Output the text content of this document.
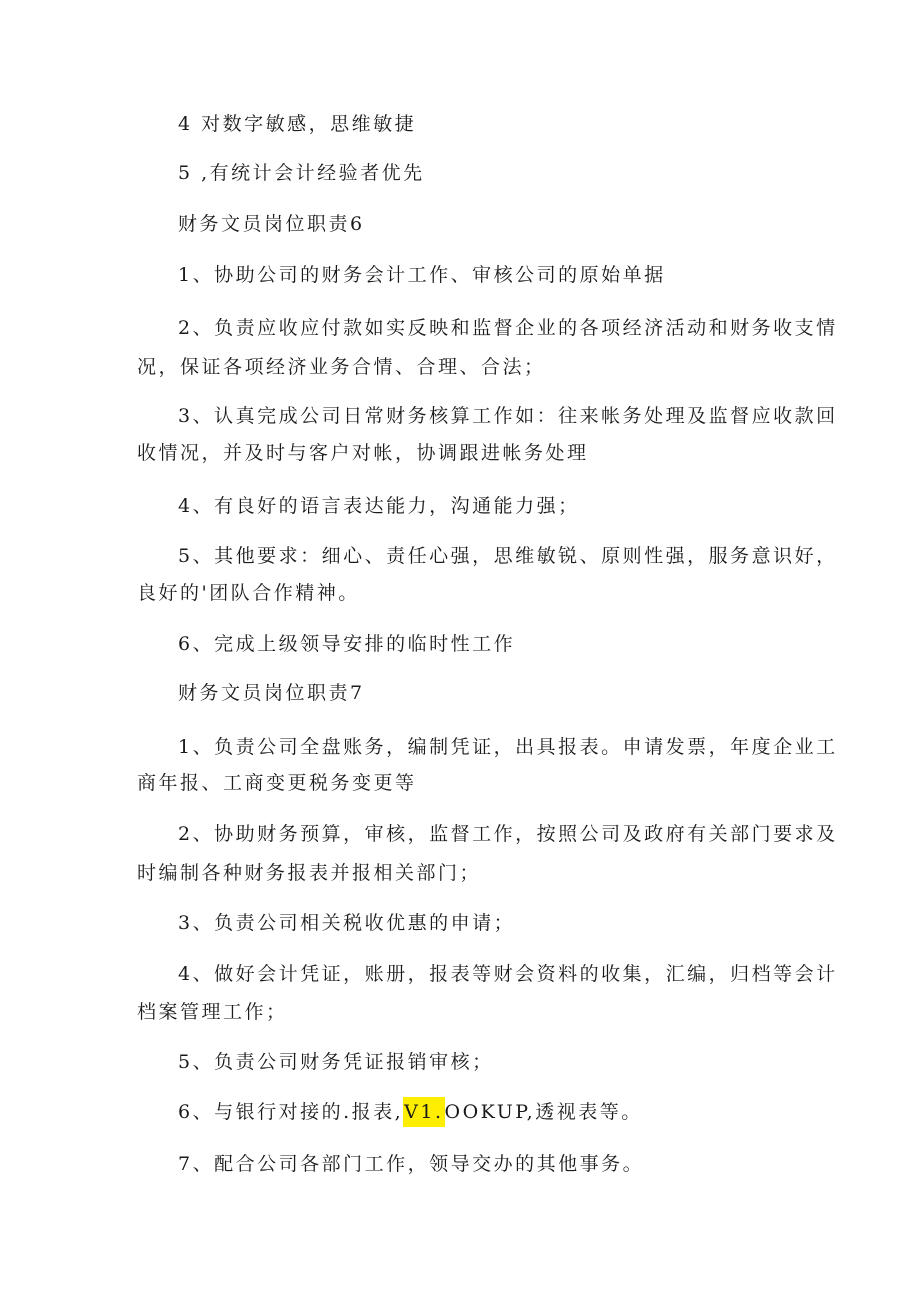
4 对数字敏感，思维敏捷
5 ,有统计会计经验者优先
财务文员岗位职责6
1、协助公司的财务会计工作、审核公司的原始单据
2、负责应收应付款如实反映和监督企业的各项经济活动和财务收支情
况，保证各项经济业务合情、合理、合法；
3、认真完成公司日常财务核算工作如：往来帐务处理及监督应收款回
收情况，并及时与客户对帐，协调跟进帐务处理
4、有良好的语言表达能力，沟通能力强；
5、其他要求：细心、责任心强，思维敏锐、原则性强，服务意识好，
良好的'团队合作精神。
6、完成上级领导安排的临时性工作
财务文员岗位职责7
1、负责公司全盘账务，编制凭证，出具报表。申请发票，年度企业工
商年报、工商变更税务变更等
2、协助财务预算，审核，监督工作，按照公司及政府有关部门要求及
时编制各种财务报表并报相关部门；
3、负责公司相关税收优惠的申请；
4、做好会计凭证，账册，报表等财会资料的收集，汇编，归档等会计
档案管理工作；
5、负责公司财务凭证报销审核；
6、与银行对接的.报表,V1.OOKUP,透视表等。
7、配合公司各部门工作，领导交办的其他事务。
